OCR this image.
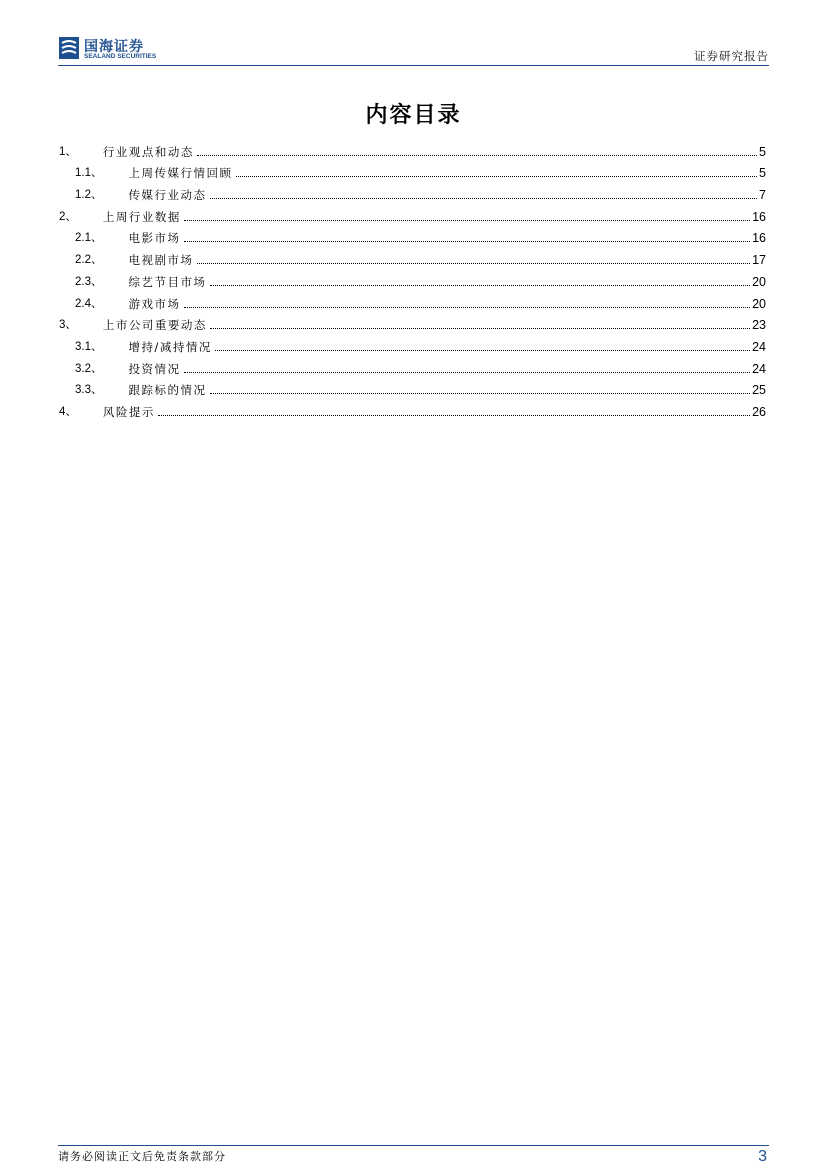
国海证券
SEALAND SECURITIES	证券研究报告
内容目录
1、 行业观点和动态	5
1.1、 上周传媒行情回顾	5
1.2、 传媒行业动态	7
2、 上周行业数据	16
2.1、 电影市场	16
2.2、 电视剧市场	17
2.3、 综艺节目市场	20
2.4、 游戏市场	20
3、 上市公司重要动态	23
3.1、 增持/减持情况	24
3.2、 投资情况	24
3.3、 跟踪标的情况	25
4、 风险提示	26
请务必阅读正文后免责条款部分	3
